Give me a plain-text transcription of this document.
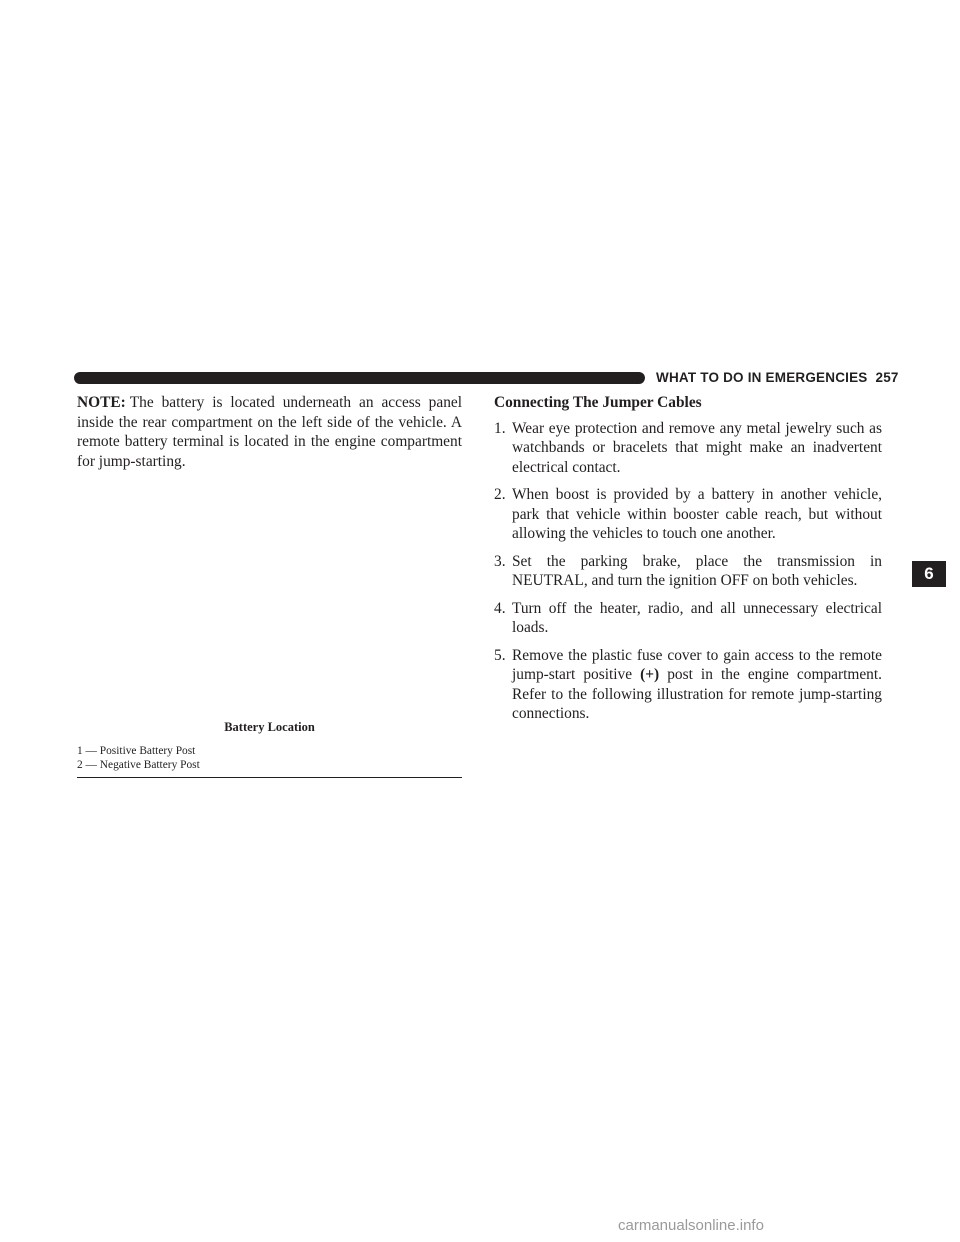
WHAT TO DO IN EMERGENCIES 257
6

NOTE: The battery is located underneath an access panel inside the rear compartment on the left side of the vehicle. A remote battery terminal is located in the engine compartment for jump-starting.

Battery Location
1 — Positive Battery Post
2 — Negative Battery Post
Connecting The Jumper Cables
1. Wear eye protection and remove any metal jewelry such as watchbands or bracelets that might make an inadvertent electrical contact.
2. When boost is provided by a battery in another vehicle, park that vehicle within booster cable reach, but without allowing the vehicles to touch one another.
3. Set the parking brake, place the transmission in NEUTRAL, and turn the ignition OFF on both vehicles.
4. Turn off the heater, radio, and all unnecessary electrical loads.
5. Remove the plastic fuse cover to gain access to the remote jump-start positive (+) post in the engine compartment. Refer to the following illustration for remote jump-starting connections.
carmanualsonline.info
